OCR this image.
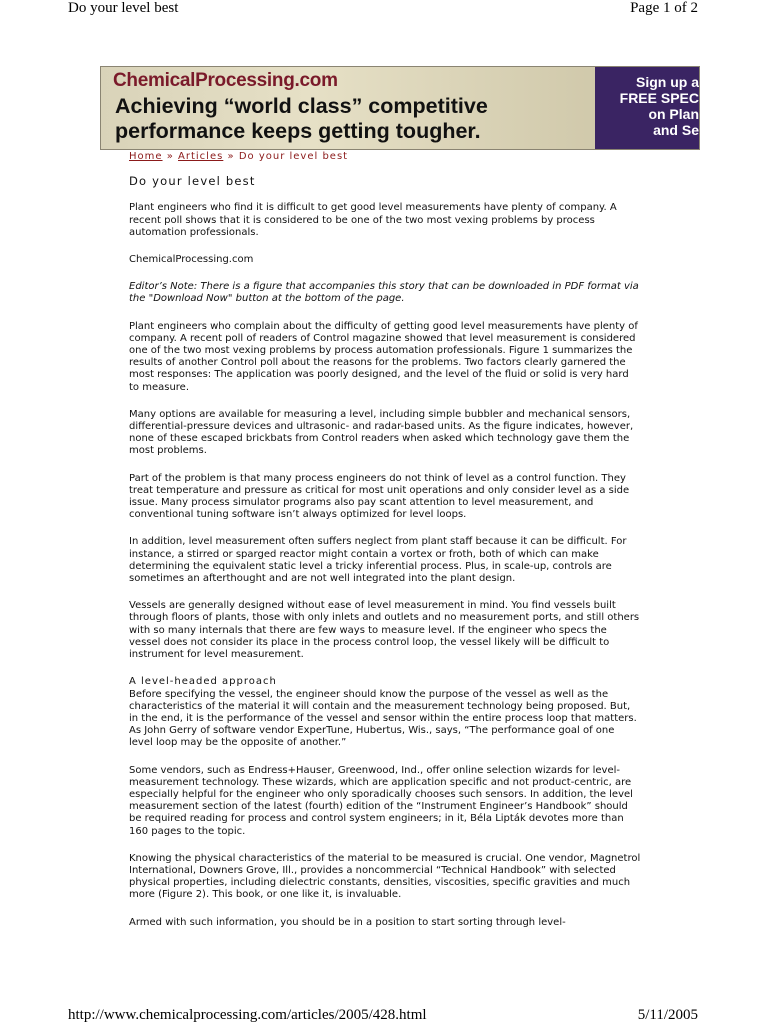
Do your level best	Page 1 of 2
ChemicalProcessing.com
Achieving “world class” competitive
performance keeps getting tougher.
Sign up a
FREE SPEC
on Plan
and Se
Home » Articles » Do your level best
Do your level best

Plant engineers who find it is difficult to get good level measurements have plenty of company. A recent poll shows that it is considered to be one of the two most vexing problems by process automation professionals.

ChemicalProcessing.com

Editor’s Note: There is a figure that accompanies this story that can be downloaded in PDF format via the "Download Now" button at the bottom of the page.

Plant engineers who complain about the difficulty of getting good level measurements have plenty of company. A recent poll of readers of Control magazine showed that level measurement is considered one of the two most vexing problems by process automation professionals. Figure 1 summarizes the results of another Control poll about the reasons for the problems. Two factors clearly garnered the most responses: The application was poorly designed, and the level of the fluid or solid is very hard to measure.

Many options are available for measuring a level, including simple bubbler and mechanical sensors, differential-pressure devices and ultrasonic- and radar-based units. As the figure indicates, however, none of these escaped brickbats from Control readers when asked which technology gave them the most problems.

Part of the problem is that many process engineers do not think of level as a control function. They treat temperature and pressure as critical for most unit operations and only consider level as a side issue. Many process simulator programs also pay scant attention to level measurement, and conventional tuning software isn’t always optimized for level loops.

In addition, level measurement often suffers neglect from plant staff because it can be difficult. For instance, a stirred or sparged reactor might contain a vortex or froth, both of which can make determining the equivalent static level a tricky inferential process. Plus, in scale-up, controls are sometimes an afterthought and are not well integrated into the plant design.

Vessels are generally designed without ease of level measurement in mind. You find vessels built through floors of plants, those with only inlets and outlets and no measurement ports, and still others with so many internals that there are few ways to measure level. If the engineer who specs the vessel does not consider its place in the process control loop, the vessel likely will be difficult to instrument for level measurement.

A level-headed approach

Before specifying the vessel, the engineer should know the purpose of the vessel as well as the characteristics of the material it will contain and the measurement technology being proposed. But, in the end, it is the performance of the vessel and sensor within the entire process loop that matters. As John Gerry of software vendor ExperTune, Hubertus, Wis., says, “The performance goal of one level loop may be the opposite of another.”

Some vendors, such as Endress+Hauser, Greenwood, Ind., offer online selection wizards for level-measurement technology. These wizards, which are application specific and not product-centric, are especially helpful for the engineer who only sporadically chooses such sensors. In addition, the level measurement section of the latest (fourth) edition of the “Instrument Engineer’s Handbook” should be required reading for process and control system engineers; in it, Béla Lipták devotes more than 160 pages to the topic.

Knowing the physical characteristics of the material to be measured is crucial. One vendor, Magnetrol International, Downers Grove, Ill., provides a noncommercial “Technical Handbook” with selected physical properties, including dielectric constants, densities, viscosities, specific gravities and much more (Figure 2). This book, or one like it, is invaluable.

Armed with such information, you should be in a position to start sorting through level-

http://www.chemicalprocessing.com/articles/2005/428.html	5/11/2005
